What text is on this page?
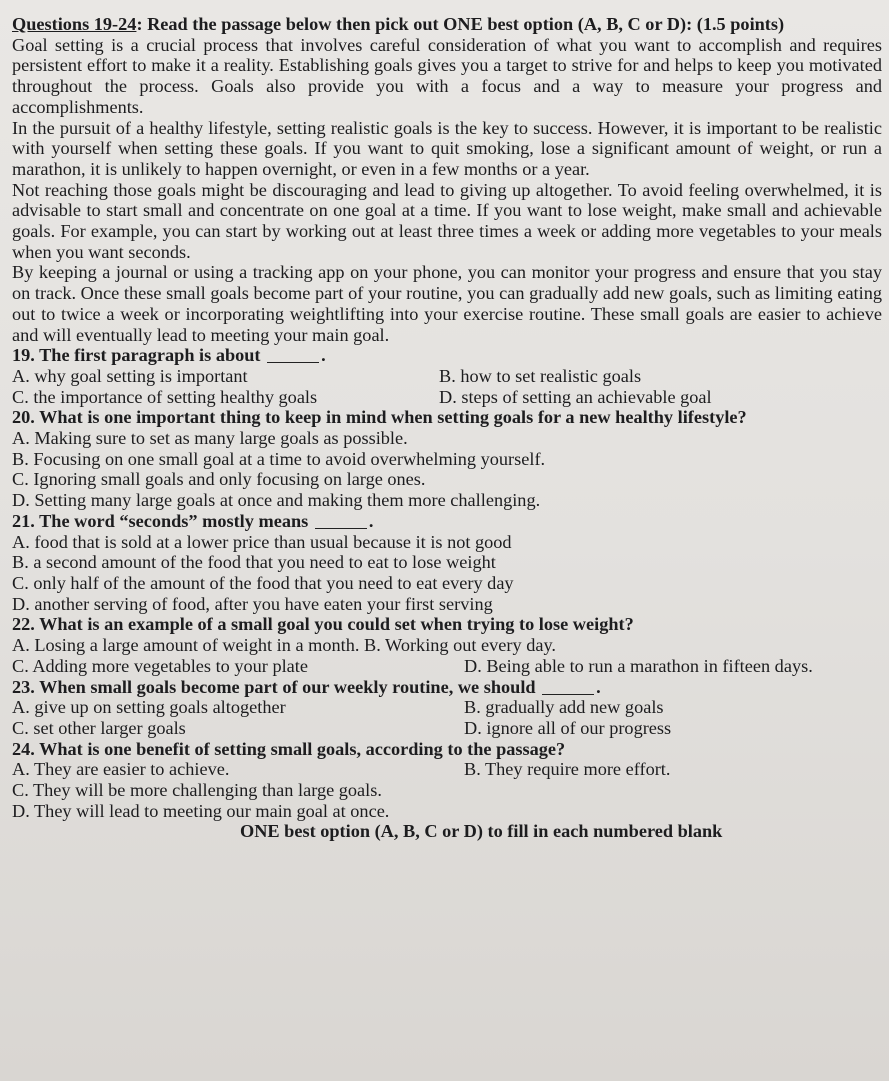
Questions 19-24: Read the passage below then pick out ONE best option (A, B, C or D): (1.5 points)

Goal setting is a crucial process that involves careful consideration of what you want to accomplish and requires persistent effort to make it a reality. Establishing goals gives you a target to strive for and helps to keep you motivated throughout the process. Goals also provide you with a focus and a way to measure your progress and accomplishments.

In the pursuit of a healthy lifestyle, setting realistic goals is the key to success. However, it is important to be realistic with yourself when setting these goals. If you want to quit smoking, lose a significant amount of weight, or run a marathon, it is unlikely to happen overnight, or even in a few months or a year.

Not reaching those goals might be discouraging and lead to giving up altogether. To avoid feeling overwhelmed, it is advisable to start small and concentrate on one goal at a time. If you want to lose weight, make small and achievable goals. For example, you can start by working out at least three times a week or adding more vegetables to your meals when you want seconds.

By keeping a journal or using a tracking app on your phone, you can monitor your progress and ensure that you stay on track. Once these small goals become part of your routine, you can gradually add new goals, such as limiting eating out to twice a week or incorporating weightlifting into your exercise routine. These small goals are easier to achieve and will eventually lead to meeting your main goal.

19. The first paragraph is about	.
A. why goal setting is important	B. how to set realistic goals
C. the importance of setting healthy goals	D. steps of setting an achievable goal
20. What is one important thing to keep in mind when setting goals for a new healthy lifestyle?
A. Making sure to set as many large goals as possible.
B. Focusing on one small goal at a time to avoid overwhelming yourself.
C. Ignoring small goals and only focusing on large ones.
D. Setting many large goals at once and making them more challenging.
21. The word “seconds” mostly means	.
A. food that is sold at a lower price than usual because it is not good
B. a second amount of the food that you need to eat to lose weight
C. only half of the amount of the food that you need to eat every day
D. another serving of food, after you have eaten your first serving
22. What is an example of a small goal you could set when trying to lose weight?
A. Losing a large amount of weight in a month. B. Working out every day.
C. Adding more vegetables to your plate	D. Being able to run a marathon in fifteen days.
23. When small goals become part of our weekly routine, we should	.
A. give up on setting goals altogether	B. gradually add new goals
C. set other larger goals	D. ignore all of our progress
24. What is one benefit of setting small goals, according to the passage?
A. They are easier to achieve.	B. They require more effort.
C. They will be more challenging than large goals.
D. They will lead to meeting our main goal at once.
ONE best option (A, B, C or D) to fill in each numbered blank
